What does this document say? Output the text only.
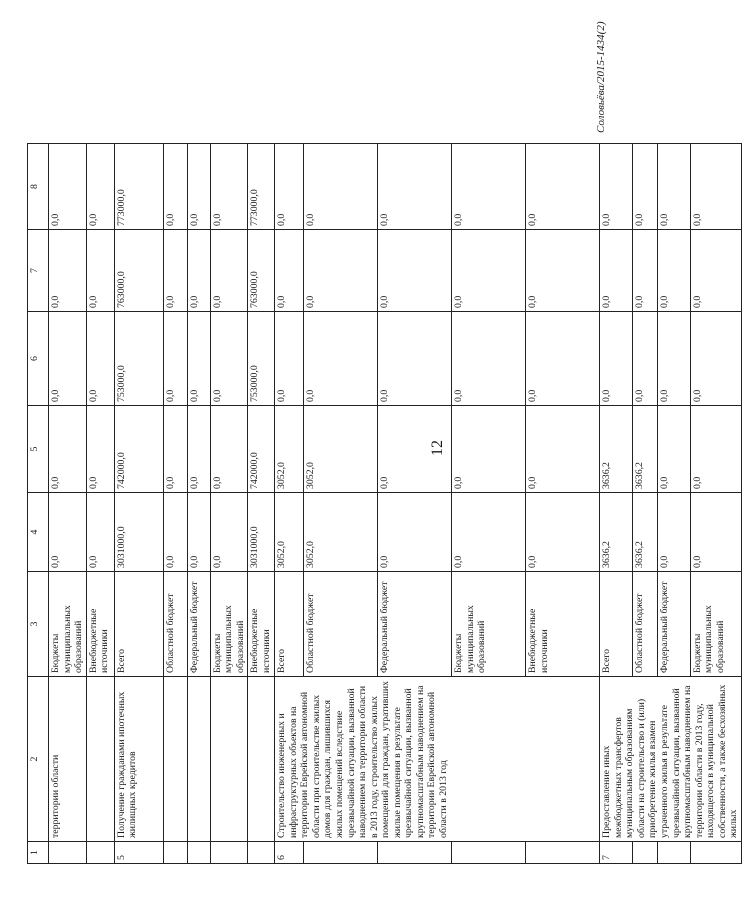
1	2	3	4	5	6	7	8
	территории области	Бюджеты муниципальных образований	0,0	0,0	0,0	0,0	0,0
		Внебюджетные источники	0,0	0,0	0,0	0,0	0,0
5	Получение гражданами ипотечных жилищных кредитов	Всего	3031000,0	742000,0	753000,0	763000,0	773000,0
		Областной бюджет	0,0	0,0	0,0	0,0	0,0
		Федеральный бюджет	0,0	0,0	0,0	0,0	0,0
		Бюджеты муниципальных образований	0,0	0,0	0,0	0,0	0,0
		Внебюджетные источники	3031000,0	742000,0	753000,0	763000,0	773000,0
6	Строительство инженерных и инфраструктурных объектов на территории Еврейской автономной области при строительстве жилых домов для граждан, лишившихся жилых помещений вследствие чрезвычайной ситуации, вызванной наводнением на территории области в 2013 году, строительство жилых помещений для граждан, утративших жилые помещения в результате чрезвычайной ситуации, вызванной крупномасштабным наводнением на территории Еврейской автономной области в 2013 год	Всего	3052,0	3052,0	0,0	0,0	0,0
		Областной бюджет	3052,0	3052,0	0,0	0,0	0,0
		Федеральный бюджет	0,0	0,0	0,0	0,0	0,0
		Бюджеты муниципальных образований	0,0	0,0	0,0	0,0	0,0
		Внебюджетные источники	0,0	0,0	0,0	0,0	0,0
7	Предоставление иных межбюджетных трансфертов муниципальным образованиям области на строительство и (или) приобретение жилья взамен утраченного жилья в результате чрезвычайной ситуации, вызванной крупномасштабным наводнением на территории области в 2013 году, находящегося в муниципальной собственности, а также бесхозяйных жилых	Всего	3636,2	3636,2	0,0	0,0	0,0
		Областной бюджет	3636,2	3636,2	0,0	0,0	0,0
		Федеральный бюджет	0,0	0,0	0,0	0,0	0,0
		Бюджеты муниципальных образований	0,0	0,0	0,0	0,0	0,0
12
Соловьёва/2015-1434(2)
